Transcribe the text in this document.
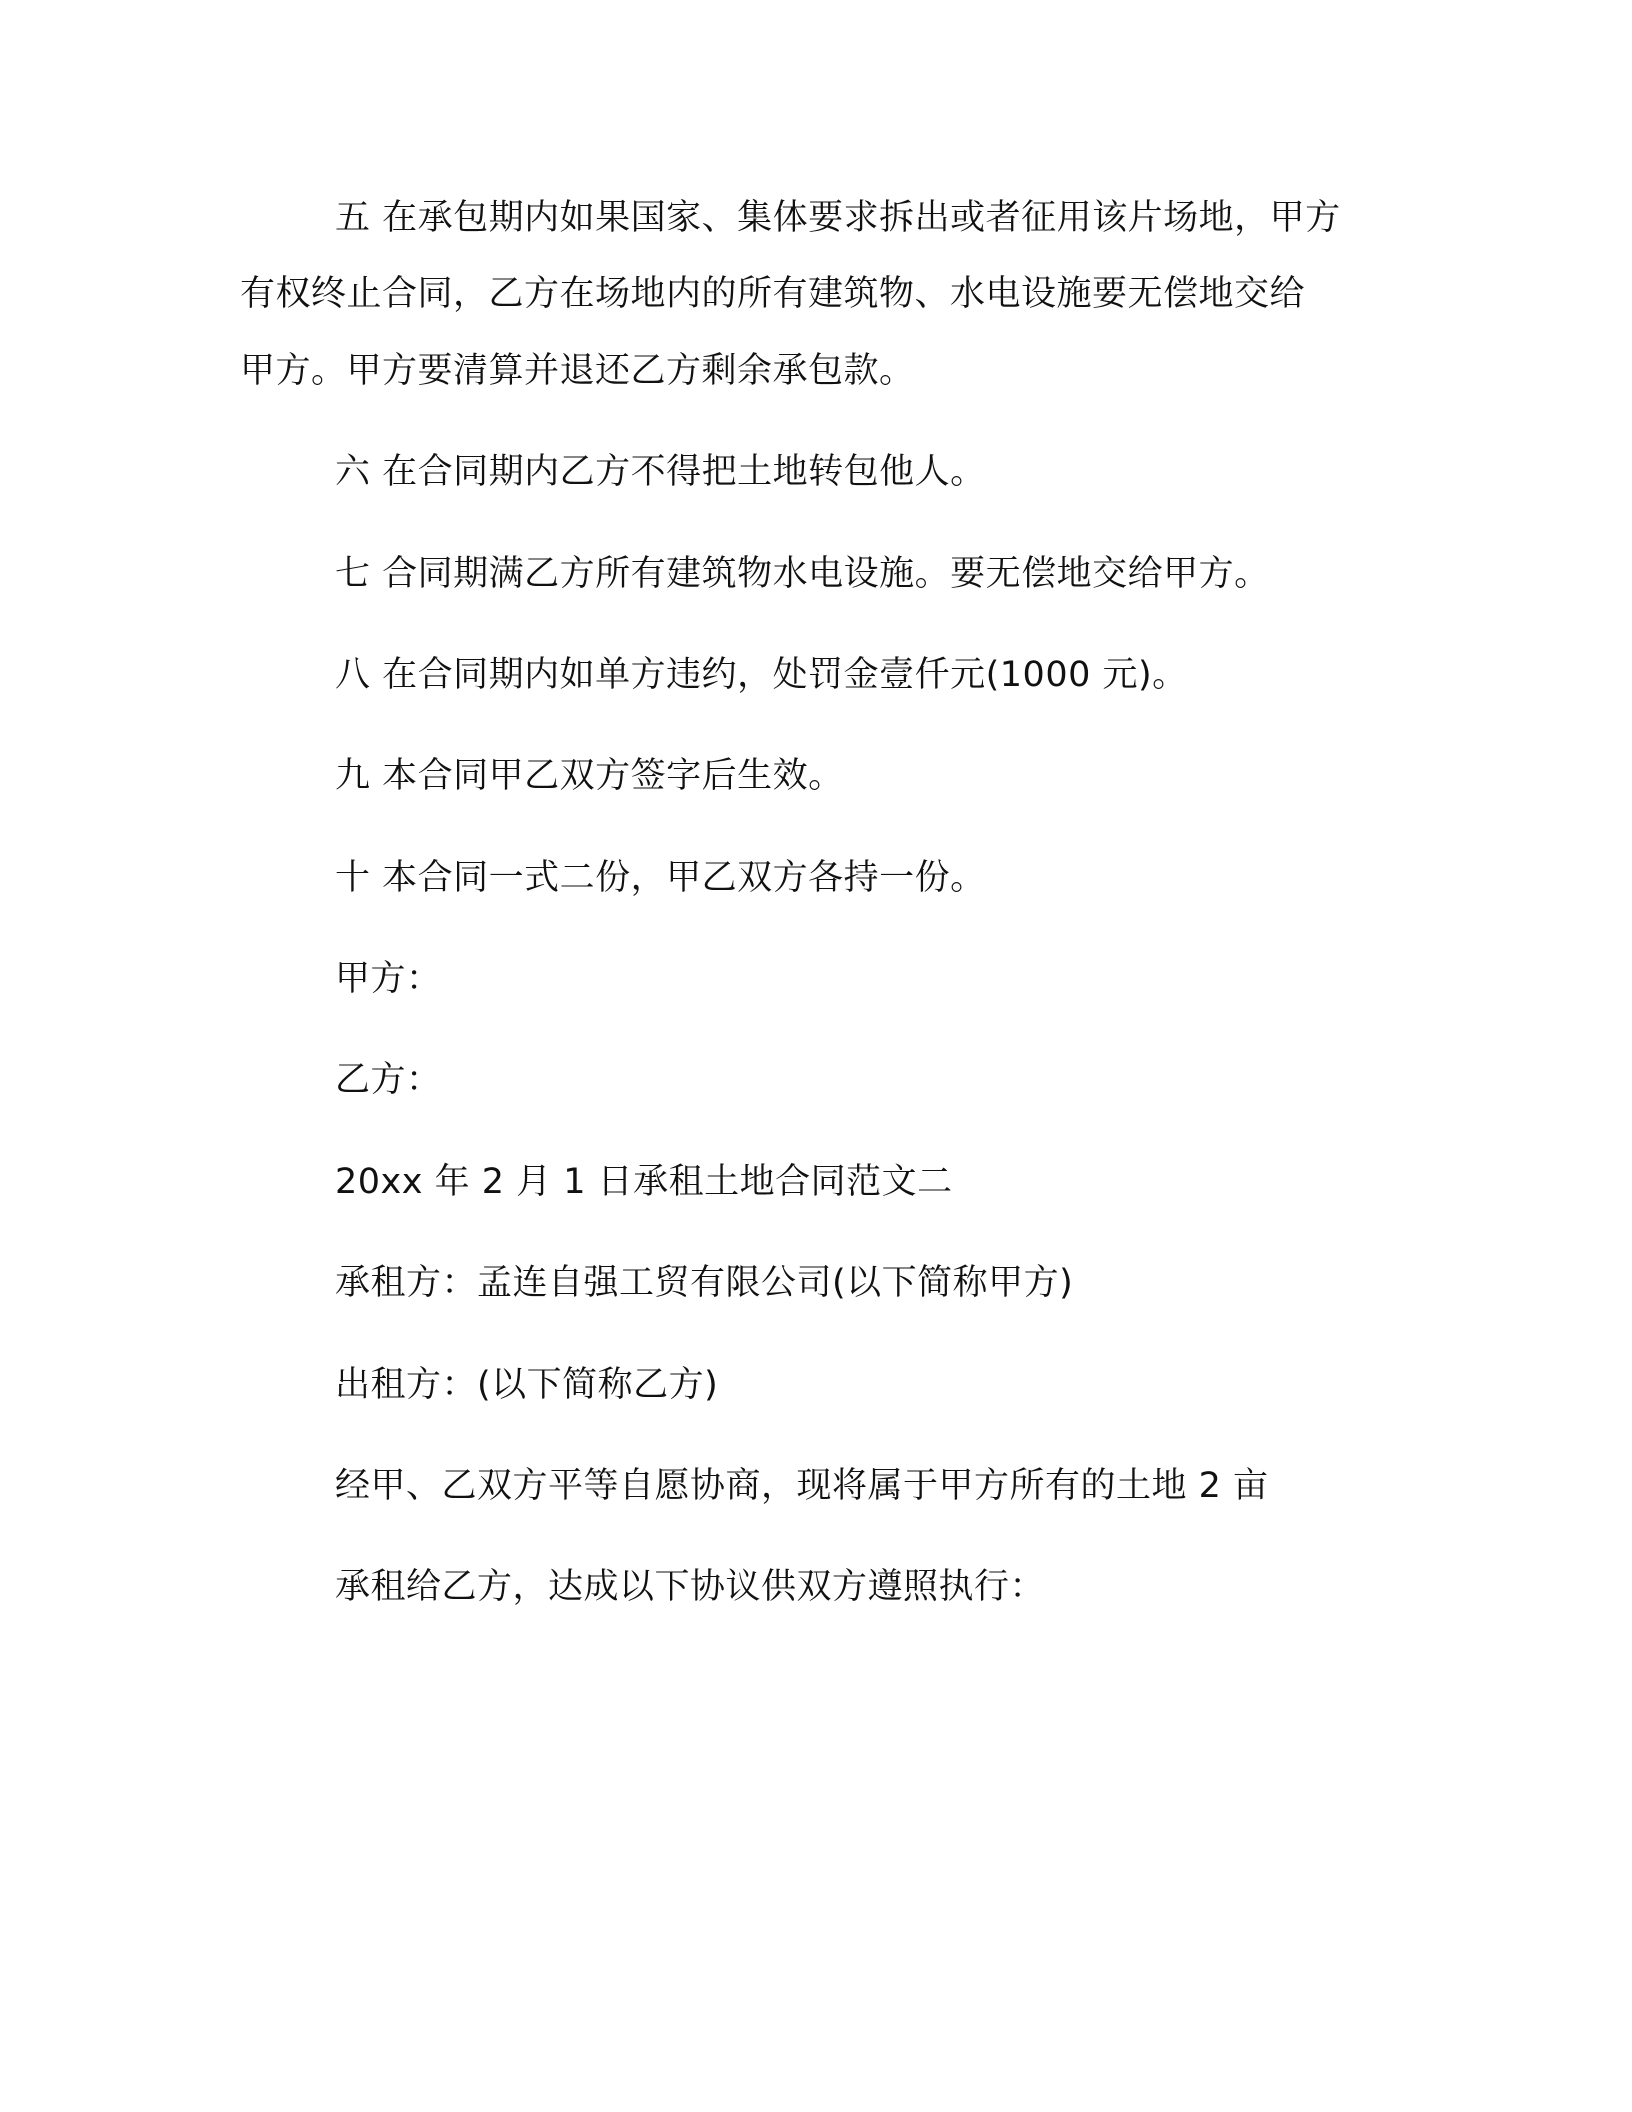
五 在承包期内如果国家、集体要求拆出或者征用该片场地，甲方
有权终止合同，乙方在场地内的所有建筑物、水电设施要无偿地交给
甲方。甲方要清算并退还乙方剩余承包款。
六 在合同期内乙方不得把土地转包他人。
七 合同期满乙方所有建筑物水电设施。要无偿地交给甲方。
八 在合同期内如单方违约，处罚金壹仟元(1000 元)。
九 本合同甲乙双方签字后生效。
十 本合同一式二份，甲乙双方各持一份。
甲方：
乙方：
20xx 年 2 月 1 日承租土地合同范文二
承租方：孟连自强工贸有限公司(以下简称甲方)
出租方：(以下简称乙方)
经甲、乙双方平等自愿协商，现将属于甲方所有的土地 2 亩
承租给乙方，达成以下协议供双方遵照执行：
